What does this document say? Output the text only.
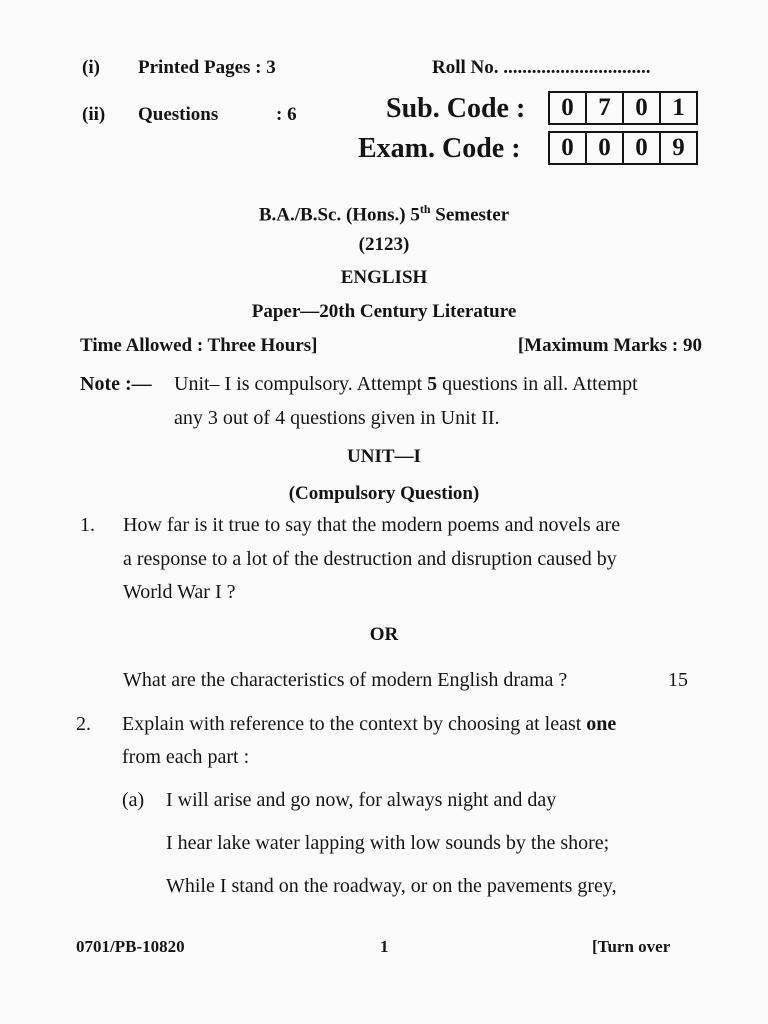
(i) Printed Pages : 3	Roll No. ...............................
(ii) Questions	: 6	Sub. Code :	0 7 0 1
Exam. Code :	0 0 0 9
B.A./B.Sc. (Hons.) 5th Semester
(2123)
ENGLISH
Paper—20th Century Literature
Time Allowed : Three Hours]	[Maximum Marks : 90
Note :— Unit– I is compulsory. Attempt 5 questions in all. Attempt
any 3 out of 4 questions given in Unit II.
UNIT—I
(Compulsory Question)
1. How far is it true to say that the modern poems and novels are
a response to a lot of the destruction and disruption caused by
World War I ?
OR
What are the characteristics of modern English drama ?	15
2. Explain with reference to the context by choosing at least one
from each part :
(a) I will arise and go now, for always night and day
I hear lake water lapping with low sounds by the shore;
While I stand on the roadway, or on the pavements grey,
0701/PB-10820	1	[Turn over
